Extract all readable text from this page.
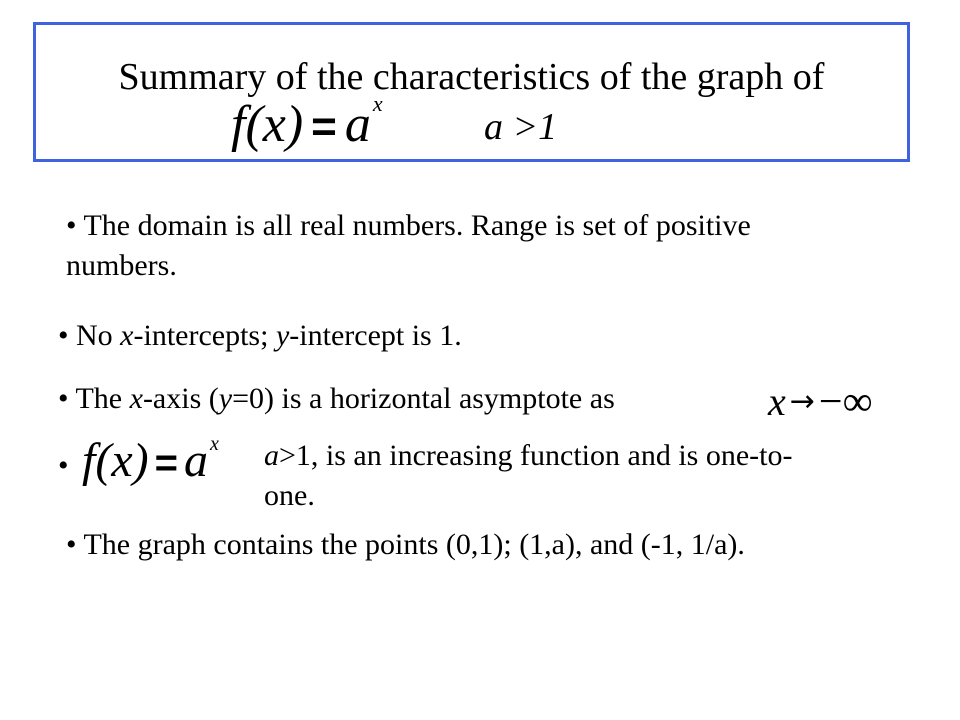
Summary of the characteristics of the graph of
$f(x) = a^x$
a >1
• The domain is all real numbers. Range is set of positive numbers.
• No x-intercepts; y-intercept is 1.
• The x-axis (y=0) is a horizontal asymptote as	x →−∞
• f(x) = a $^x$ a>1, is an increasing function and is one-to-one.
• The graph contains the points (0,1); (1,a), and (-1, 1/a).
